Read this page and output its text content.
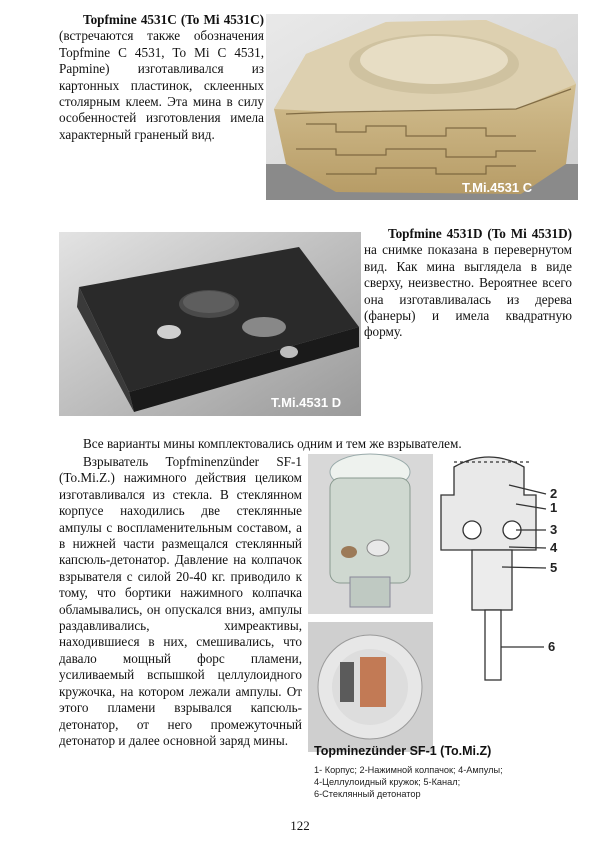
Topfmine 4531C (To Mi 4531C) (встречаются также обозначения Topfmine C 4531, To Mi C 4531, Papmine) изготавливался из картонных пластинок, склеенных столярным клеем. Эта мина в силу особенностей изготовления имела характерный граненый вид.
T.Mi.4531 C
T.Mi.4531 D
Topfmine 4531D (To Mi 4531D) на снимке показана в перевернутом вид. Как мина выглядела в виде сверху, неизвестно. Вероятнее всего она изготавливалась из дерева (фанеры) и имела квадратную форму.
Все варианты мины комплектовались одним и тем же взрывателем.
Взрыватель Topfminenzünder SF-1 (To.Mi.Z.) нажимного действия целиком изготавливался из стекла. В стеклянном корпусе находились две стеклянные ампулы с воспламенительным составом, а в нижней части размещался стеклянный капсюль-детонатор. Давление на колпачок взрывателя с силой 20-40 кг. приводило к тому, что бортики нажимного колпачка обламывались, он опускался вниз, ампулы раздавливались, химреактивы, находившиеся в них, смешивались, что давало мощный форс пламени, усиливаемый вспышкой целлулоидного кружочка, на котором лежали ампулы. От этого пламени взрывался капсюль-детонатор, от него промежуточный детонатор и далее основной заряд мины.
2
1
3
4
5
6
Topminezünder SF-1 (To.Mi.Z)
1- Корпус; 2-Нажимной колпачок; 4-Ампулы;
4-Целлулоидный кружок; 5-Канал;
6-Стеклянный детонатор
122
